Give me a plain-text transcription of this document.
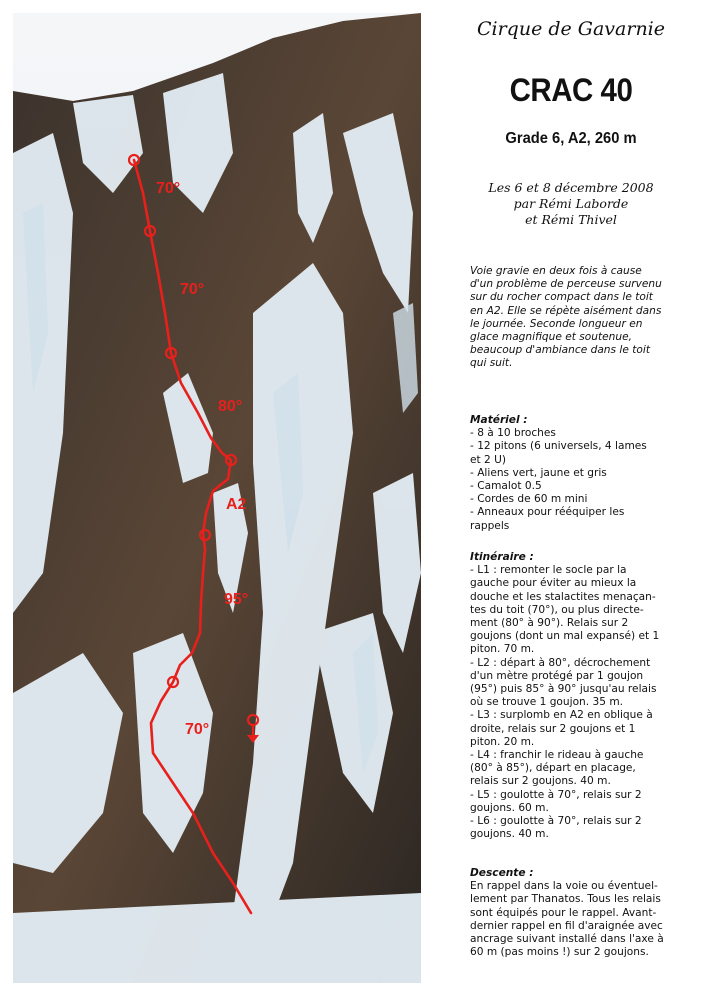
70°
70°
80°
A2
95°
70°
Cirque de Gavarnie
CRAC 40
Grade 6, A2, 260 m
Les 6 et 8 décembre 2008
par Rémi Laborde
et Rémi Thivel
Voie gravie en deux fois à cause
d'un problème de perceuse survenu
sur du rocher compact dans le toit
en A2. Elle se répète aisément dans
le journée. Seconde longueur en
glace magnifique et soutenue,
beaucoup d'ambiance dans le toit
qui suit.
Matériel :
- 8 à 10 broches
- 12 pitons (6 universels, 4 lames
et 2 U)
- Aliens vert, jaune et gris
- Camalot 0.5
- Cordes de 60 m mini
- Anneaux pour rééquiper les
rappels
Itinéraire :
- L1 : remonter le socle par la
gauche pour éviter au mieux la
douche et les stalactites menaçan-
tes du toit (70°), ou plus directe-
ment (80° à 90°). Relais sur 2
goujons (dont un mal expansé) et 1
piton. 70 m.
- L2 : départ à 80°, décrochement
d'un mètre protégé par 1 goujon
(95°) puis 85° à 90° jusqu'au relais
où se trouve 1 goujon. 35 m.
- L3 : surplomb en A2 en oblique à
droite, relais sur 2 goujons et 1
piton. 20 m.
- L4 : franchir le rideau à gauche
(80° à 85°), départ en placage,
relais sur 2 goujons. 40 m.
- L5 : goulotte à 70°, relais sur 2
goujons. 60 m.
- L6 : goulotte à 70°, relais sur 2
goujons. 40 m.
Descente :
En rappel dans la voie ou éventuel-
lement par Thanatos. Tous les relais
sont équipés pour le rappel. Avant-
dernier rappel en fil d'araignée avec
ancrage suivant installé dans l'axe à
60 m (pas moins !) sur 2 goujons.
